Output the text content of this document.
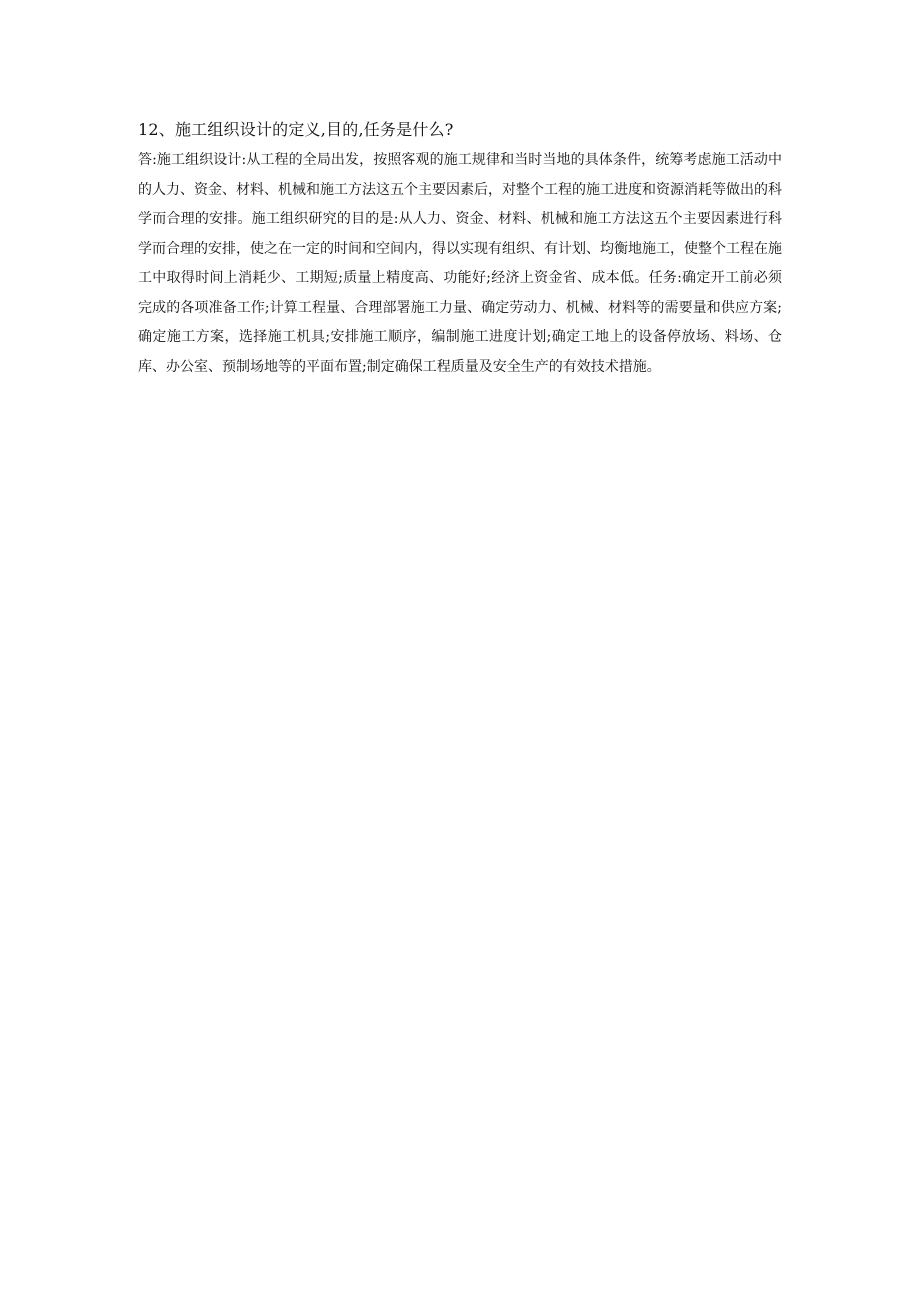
12、施工组织设计的定义,目的,任务是什么?

答:施工组织设计:从工程的全局出发，按照客观的施工规律和当时当地的具体条件，统筹考虑施工活动中的人力、资金、材料、机械和施工方法这五个主要因素后，对整个工程的施工进度和资源消耗等做出的科学而合理的安排。施工组织研究的目的是:从人力、资金、材料、机械和施工方法这五个主要因素进行科学而合理的安排，使之在一定的时间和空间内，得以实现有组织、有计划、均衡地施工，使整个工程在施工中取得时间上消耗少、工期短;质量上精度高、功能好;经济上资金省、成本低。任务:确定开工前必须完成的各项准备工作;计算工程量、合理部署施工力量、确定劳动力、机械、材料等的需要量和供应方案;确定施工方案，选择施工机具;安排施工顺序，编制施工进度计划;确定工地上的设备停放场、料场、仓库、办公室、预制场地等的平面布置;制定确保工程质量及安全生产的有效技术措施。
